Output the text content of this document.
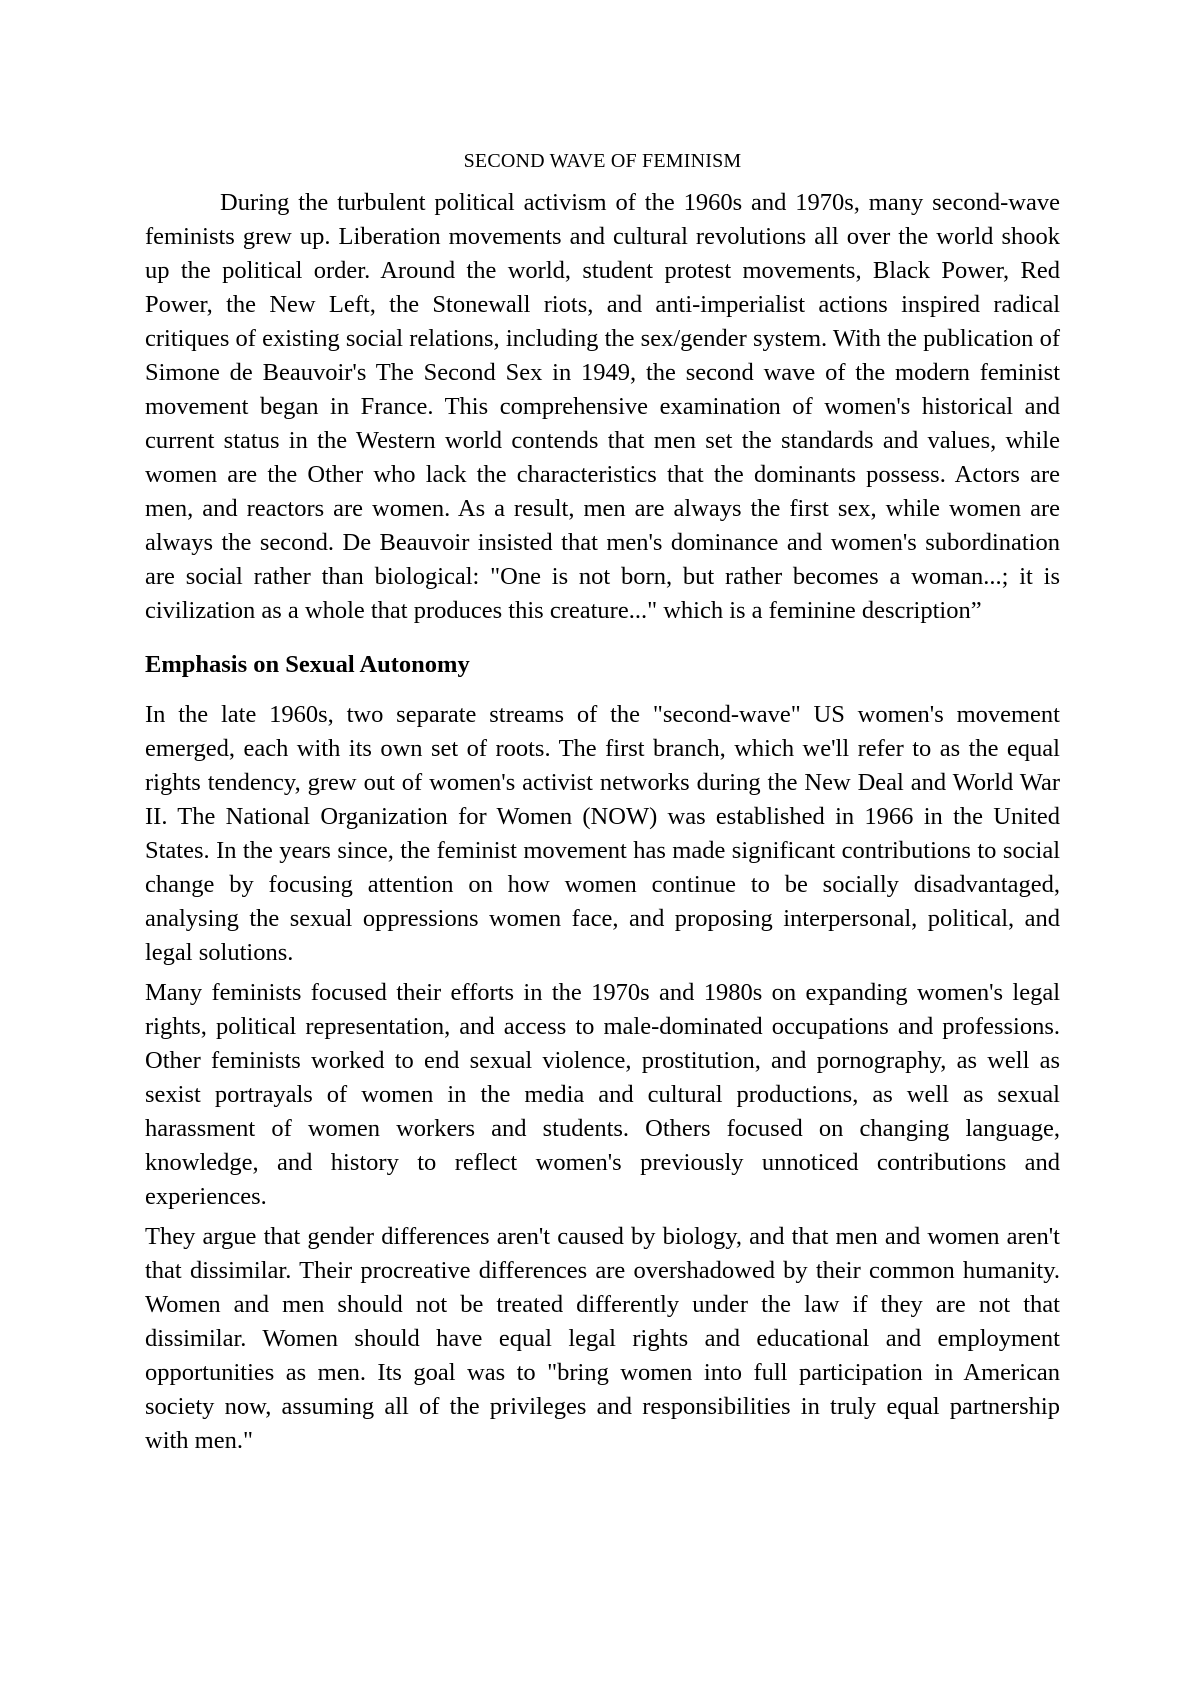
SECOND WAVE OF FEMINISM

During the turbulent political activism of the 1960s and 1970s, many second-wave feminists grew up. Liberation movements and cultural revolutions all over the world shook up the political order. Around the world, student protest movements, Black Power, Red Power, the New Left, the Stonewall riots, and anti-imperialist actions inspired radical critiques of existing social relations, including the sex/gender system. With the publication of Simone de Beauvoir's The Second Sex in 1949, the second wave of the modern feminist movement began in France. This comprehensive examination of women's historical and current status in the Western world contends that men set the standards and values, while women are the Other who lack the characteristics that the dominants possess. Actors are men, and reactors are women. As a result, men are always the first sex, while women are always the second. De Beauvoir insisted that men's dominance and women's subordination are social rather than biological: "One is not born, but rather becomes a woman...; it is civilization as a whole that produces this creature..." which is a feminine description”

Emphasis on Sexual Autonomy

In the late 1960s, two separate streams of the "second-wave" US women's movement emerged, each with its own set of roots. The first branch, which we'll refer to as the equal rights tendency, grew out of women's activist networks during the New Deal and World War II. The National Organization for Women (NOW) was established in 1966 in the United States. In the years since, the feminist movement has made significant contributions to social change by focusing attention on how women continue to be socially disadvantaged, analysing the sexual oppressions women face, and proposing interpersonal, political, and legal solutions.

Many feminists focused their efforts in the 1970s and 1980s on expanding women's legal rights, political representation, and access to male-dominated occupations and professions. Other feminists worked to end sexual violence, prostitution, and pornography, as well as sexist portrayals of women in the media and cultural productions, as well as sexual harassment of women workers and students. Others focused on changing language, knowledge, and history to reflect women's previously unnoticed contributions and experiences.

They argue that gender differences aren't caused by biology, and that men and women aren't that dissimilar. Their procreative differences are overshadowed by their common humanity. Women and men should not be treated differently under the law if they are not that dissimilar. Women should have equal legal rights and educational and employment opportunities as men. Its goal was to "bring women into full participation in American society now, assuming all of the privileges and responsibilities in truly equal partnership with men."
